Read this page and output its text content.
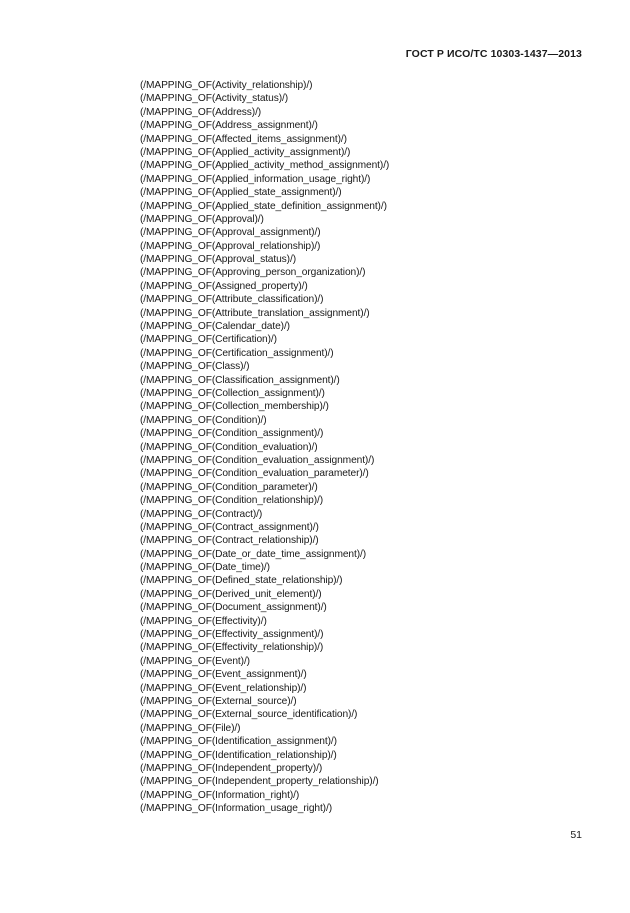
ГОСТ Р ИСО/ТС 10303-1437—2013
(/MAPPING_OF(Activity_relationship)/)
(/MAPPING_OF(Activity_status)/)
(/MAPPING_OF(Address)/)
(/MAPPING_OF(Address_assignment)/)
(/MAPPING_OF(Affected_items_assignment)/)
(/MAPPING_OF(Applied_activity_assignment)/)
(/MAPPING_OF(Applied_activity_method_assignment)/)
(/MAPPING_OF(Applied_information_usage_right)/)
(/MAPPING_OF(Applied_state_assignment)/)
(/MAPPING_OF(Applied_state_definition_assignment)/)
(/MAPPING_OF(Approval)/)
(/MAPPING_OF(Approval_assignment)/)
(/MAPPING_OF(Approval_relationship)/)
(/MAPPING_OF(Approval_status)/)
(/MAPPING_OF(Approving_person_organization)/)
(/MAPPING_OF(Assigned_property)/)
(/MAPPING_OF(Attribute_classification)/)
(/MAPPING_OF(Attribute_translation_assignment)/)
(/MAPPING_OF(Calendar_date)/)
(/MAPPING_OF(Certification)/)
(/MAPPING_OF(Certification_assignment)/)
(/MAPPING_OF(Class)/)
(/MAPPING_OF(Classification_assignment)/)
(/MAPPING_OF(Collection_assignment)/)
(/MAPPING_OF(Collection_membership)/)
(/MAPPING_OF(Condition)/)
(/MAPPING_OF(Condition_assignment)/)
(/MAPPING_OF(Condition_evaluation)/)
(/MAPPING_OF(Condition_evaluation_assignment)/)
(/MAPPING_OF(Condition_evaluation_parameter)/)
(/MAPPING_OF(Condition_parameter)/)
(/MAPPING_OF(Condition_relationship)/)
(/MAPPING_OF(Contract)/)
(/MAPPING_OF(Contract_assignment)/)
(/MAPPING_OF(Contract_relationship)/)
(/MAPPING_OF(Date_or_date_time_assignment)/)
(/MAPPING_OF(Date_time)/)
(/MAPPING_OF(Defined_state_relationship)/)
(/MAPPING_OF(Derived_unit_element)/)
(/MAPPING_OF(Document_assignment)/)
(/MAPPING_OF(Effectivity)/)
(/MAPPING_OF(Effectivity_assignment)/)
(/MAPPING_OF(Effectivity_relationship)/)
(/MAPPING_OF(Event)/)
(/MAPPING_OF(Event_assignment)/)
(/MAPPING_OF(Event_relationship)/)
(/MAPPING_OF(External_source)/)
(/MAPPING_OF(External_source_identification)/)
(/MAPPING_OF(File)/)
(/MAPPING_OF(Identification_assignment)/)
(/MAPPING_OF(Identification_relationship)/)
(/MAPPING_OF(Independent_property)/)
(/MAPPING_OF(Independent_property_relationship)/)
(/MAPPING_OF(Information_right)/)
(/MAPPING_OF(Information_usage_right)/)
51
